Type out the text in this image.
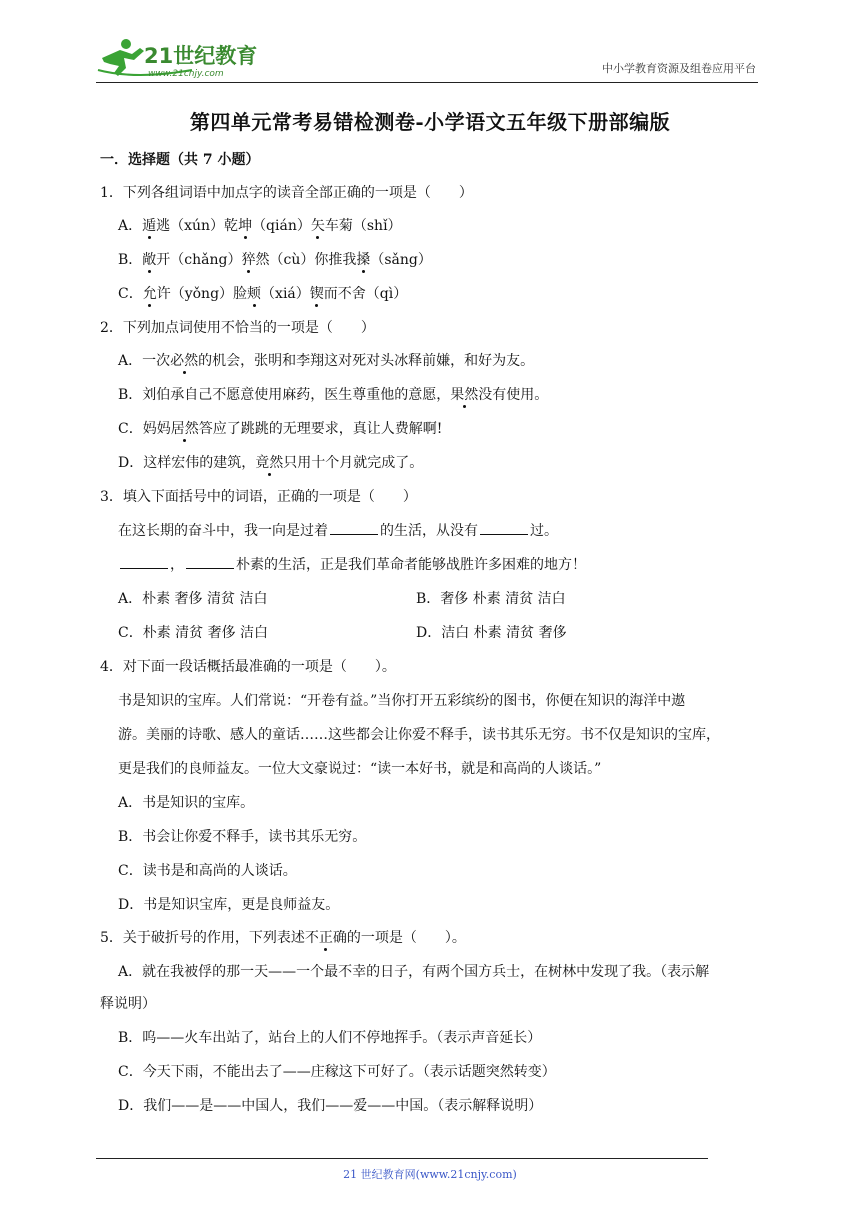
21世纪教育
www.21cnjy.com	中小学教育资源及组卷应用平台
第四单元常考易错检测卷-小学语文五年级下册部编版
一．选择题（共 7 小题）
1．下列各组词语中加点字的读音全部正确的一项是（　　）
A．遁逃（xún）乾坤（qián）矢车菊（shǐ）
B．敞开（chǎng）猝然（cù）你推我搡（sǎng）
C．允许（yǒng）脸颊（xiá）锲而不舍（qì）
2．下列加点词使用不恰当的一项是（　　）
A．一次必然的机会，张明和李翔这对死对头冰释前嫌，和好为友。
B．刘伯承自己不愿意使用麻药，医生尊重他的意愿，果然没有使用。
C．妈妈居然答应了跳跳的无理要求，真让人费解啊!
D．这样宏伟的建筑，竟然只用十个月就完成了。
3．填入下面括号中的词语，正确的一项是（　　）
在这长期的奋斗中，我一向是过着	的生活，从没有	过。
，	朴素的生活，正是我们革命者能够战胜许多困难的地方！
A．朴素 奢侈 清贫 洁白	B．奢侈 朴素 清贫 洁白
C．朴素 清贫 奢侈 洁白	D．洁白 朴素 清贫 奢侈
4．对下面一段话概括最准确的一项是（　　）。
书是知识的宝库。人们常说：“开卷有益。”当你打开五彩缤纷的图书，你便在知识的海洋中遨
游。美丽的诗歌、感人的童话……这些都会让你爱不释手，读书其乐无穷。书不仅是知识的宝库，
更是我们的良师益友。一位大文豪说过：“读一本好书，就是和高尚的人谈话。”
A．书是知识的宝库。
B．书会让你爱不释手，读书其乐无穷。
C．读书是和高尚的人谈话。
D．书是知识宝库，更是良师益友。
5．关于破折号的作用，下列表述不正确的一项是（　　）。
A．就在我被俘的那一天——一个最不幸的日子，有两个国方兵士，在树林中发现了我。（表示解
释说明）
B．呜——火车出站了，站台上的人们不停地挥手。（表示声音延长）
C．今天下雨，不能出去了——庄稼这下可好了。（表示话题突然转变）
D．我们——是——中国人，我们——爱——中国。（表示解释说明）
21 世纪教育网(www.21cnjy.com)
